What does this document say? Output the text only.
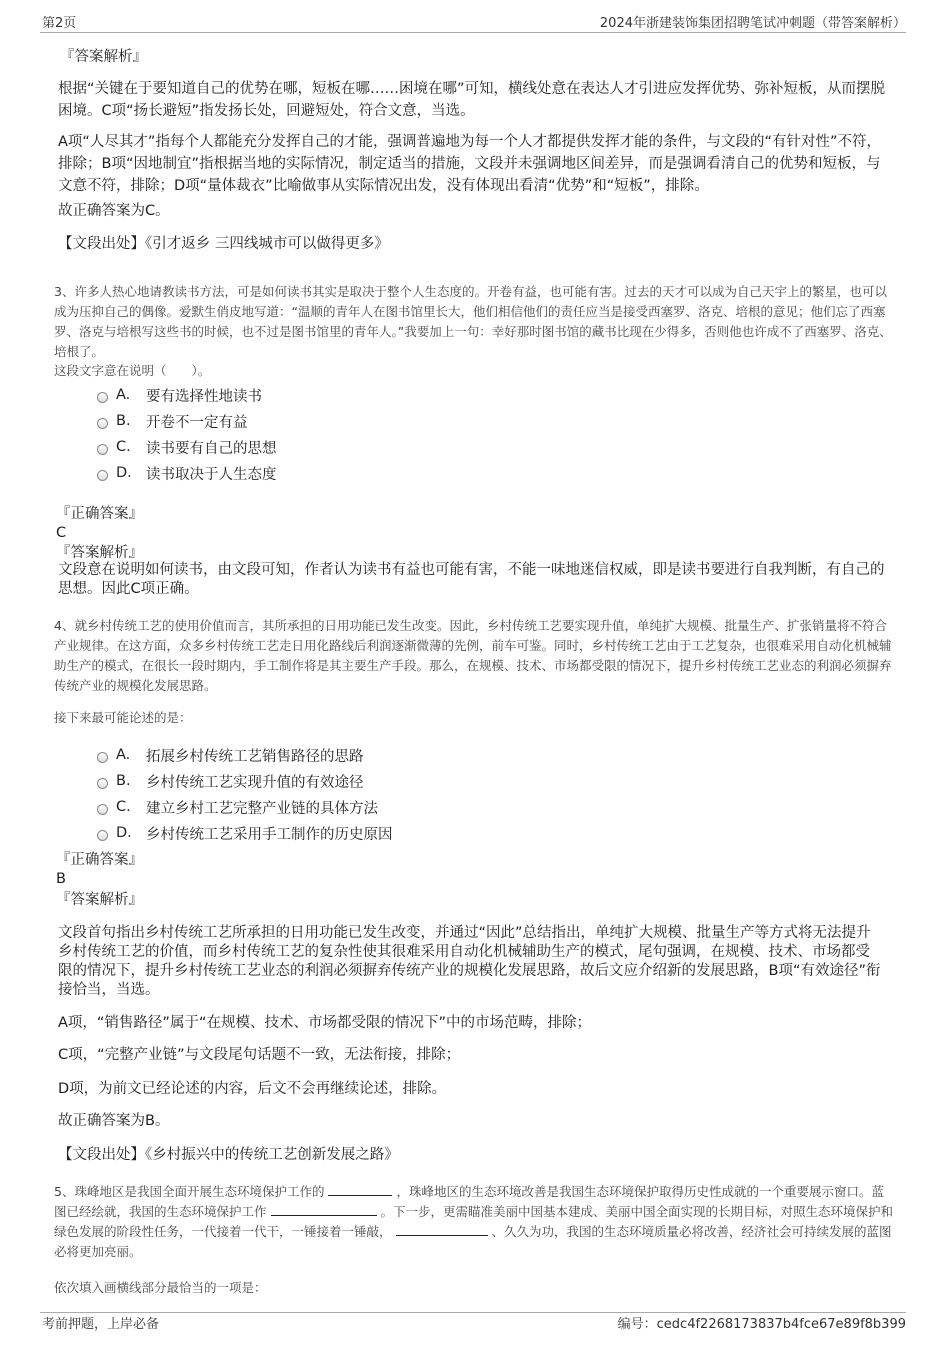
第2页	2024年浙建装饰集团招聘笔试冲刺题（带答案解析）
『答案解析』
根据“关键在于要知道自己的优势在哪，短板在哪……困境在哪”可知，横线处意在表达人才引进应发挥优势、弥补短板，从而摆脱困境。C项“扬长避短”指发扬长处，回避短处，符合文意，当选。
A项“人尽其才”指每个人都能充分发挥自己的才能，强调普遍地为每一个人才都提供发挥才能的条件，与文段的“有针对性”不符，排除；B项“因地制宜”指根据当地的实际情况，制定适当的措施，文段并未强调地区间差异，而是强调看清自己的优势和短板，与文意不符，排除；D项“量体裁衣”比喻做事从实际情况出发，没有体现出看清“优势”和“短板”，排除。
故正确答案为C。
【文段出处】《引才返乡 三四线城市可以做得更多》
3、许多人热心地请教读书方法，可是如何读书其实是取决于整个人生态度的。开卷有益，也可能有害。过去的天才可以成为自己天宇上的繁星，也可以成为压抑自己的偶像。爱默生俏皮地写道：“温顺的青年人在图书馆里长大，他们相信他们的责任应当是接受西塞罗、洛克、培根的意见；他们忘了西塞罗、洛克与培根写这些书的时候，也不过是图书馆里的青年人。”我要加上一句：幸好那时图书馆的藏书比现在少得多，否则他也许成不了西塞罗、洛克、培根了。
这段文字意在说明（　　）。
A.	要有选择性地读书
B.	开卷不一定有益
C.	读书要有自己的思想
D. 读书取决于人生态度
『正确答案』
C
『答案解析』
文段意在说明如何读书，由文段可知，作者认为读书有益也可能有害，不能一味地迷信权威，即是读书要进行自我判断，有自己的思想。因此C项正确。
4、就乡村传统工艺的使用价值而言，其所承担的日用功能已发生改变。因此，乡村传统工艺要实现升值，单纯扩大规模、批量生产、扩张销量将不符合产业规律。在这方面，众多乡村传统工艺走日用化路线后利润逐渐微薄的先例，前车可鉴。同时，乡村传统工艺由于工艺复杂，也很难采用自动化机械辅助生产的模式，在很长一段时期内，手工制作将是其主要生产手段。那么，在规模、技术、市场都受限的情况下，提升乡村传统工艺业态的利润必须摒弃传统产业的规模化发展思路。
接下来最可能论述的是：
A.	拓展乡村传统工艺销售路径的思路
B.	乡村传统工艺实现升值的有效途径
C.	建立乡村工艺完整产业链的具体方法
D. 乡村传统工艺采用手工制作的历史原因
『正确答案』
B
『答案解析』
文段首句指出乡村传统工艺所承担的日用功能已发生改变，并通过“因此”总结指出，单纯扩大规模、批量生产等方式将无法提升乡村传统工艺的价值，而乡村传统工艺的复杂性使其很难采用自动化机械辅助生产的模式，尾句强调，在规模、技术、市场都受限的情况下，提升乡村传统工艺业态的利润必须摒弃传统产业的规模化发展思路，故后文应介绍新的发展思路，B项“有效途径”衔接恰当，当选。
A项，“销售路径”属于“在规模、技术、市场都受限的情况下”中的市场范畴，排除；
C项，“完整产业链”与文段尾句话题不一致，无法衔接，排除；
D项，为前文已经论述的内容，后文不会再继续论述，排除。
故正确答案为B。
【文段出处】《乡村振兴中的传统工艺创新发展之路》
5、珠峰地区是我国全面开展生态环境保护工作的	，珠峰地区的生态环境改善是我国生态环境保护取得历史性成就的一个重要展示窗口。蓝图已经绘就，我国的生态环境保护工作	。下一步，更需瞄准美丽中国基本建成、美丽中国全面实现的长期目标，对照生态环境保护和绿色发展的阶段性任务，一代接着一代干，一锤接着一锤敲，	、久久为功，我国的生态环境质量必将改善，经济社会可持续发展的蓝图必将更加亮丽。
依次填入画横线部分最恰当的一项是：
考前押题，上岸必备	编号：cedc4f2268173837b4fce67e89f8b399
